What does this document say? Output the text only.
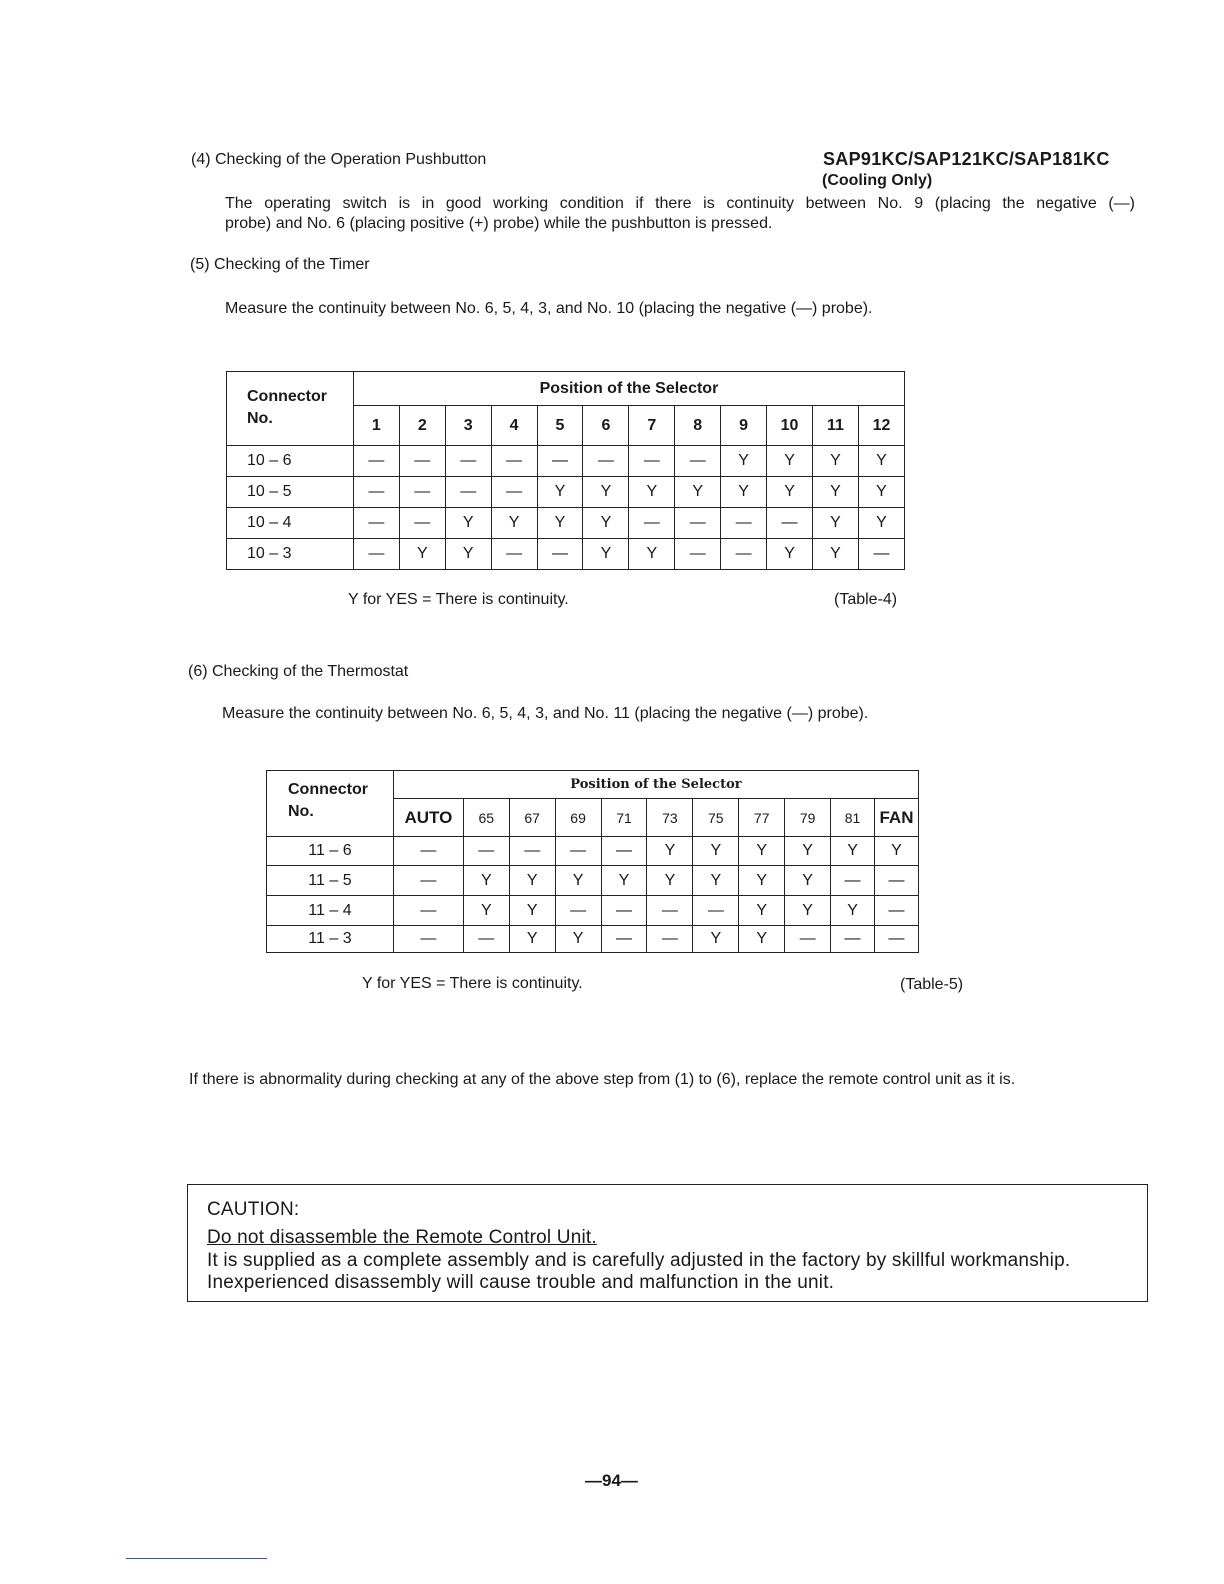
(4) Checking of the Operation Pushbutton	SAP91KC/SAP121KC/SAP181KC
(Cooling Only)
The operating switch is in good working condition if there is continuity between No. 9 (placing the negative (—)
probe) and No. 6 (placing positive (+) probe) while the pushbutton is pressed.
(5) Checking of the Timer
Measure the continuity between No. 6, 5, 4, 3, and No. 10 (placing the negative (—) probe).
Connector
No.	Position of the Selector											
	1	2	3	4	5	6	7	8	9	10	11	12
10 – 6	—	—	—	—	—	—	—	—	Y	Y	Y	Y
10 – 5	—	—	—	—	Y	Y	Y	Y	Y	Y	Y	Y
10 – 4	—	—	Y	Y	Y	Y	—	—	—	—	Y	Y
10 – 3	—	Y	Y	—	—	Y	Y	—	—	Y	Y	—
Y for YES = There is continuity.	(Table-4)
(6) Checking of the Thermostat
Measure the continuity between No. 6, 5, 4, 3, and No. 11 (placing the negative (—) probe).
Connector
No.	Position of the Selector										
	AUTO	65	67	69	71	73	75	77	79	81	FAN
11 – 6	—	—	—	—	—	Y	Y	Y	Y	Y	Y
11 – 5	—	Y	Y	Y	Y	Y	Y	Y	Y	—	—
11 – 4	—	Y	Y	—	—	—	—	Y	Y	Y	—
11 – 3	—	—	Y	Y	—	—	Y	Y	—	—	—
Y for YES = There is continuity.	(Table-5)
If there is abnormality during checking at any of the above step from (1) to (6), replace the remote control unit as it is.
CAUTION:
Do not disassemble the Remote Control Unit.
It is supplied as a complete assembly and is carefully adjusted in the factory by skillful workmanship.
Inexperienced disassembly will cause trouble and malfunction in the unit.
—94—
